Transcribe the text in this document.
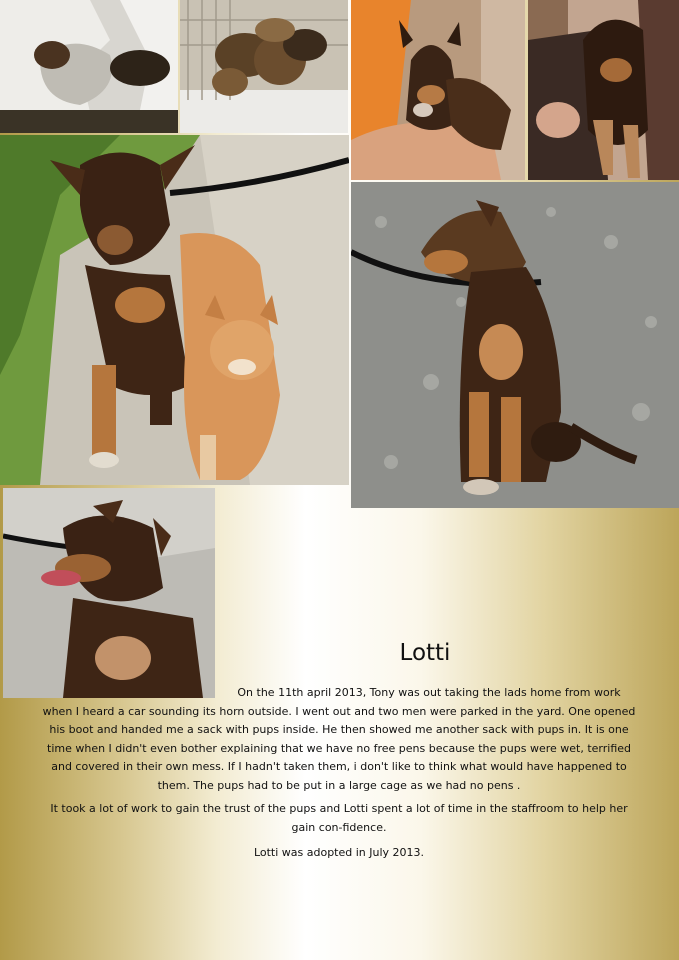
Lotti

On the 11th april 2013, Tony was out taking the lads home from work when I heard a car sounding its horn outside. I went out and two men were parked in the yard. One opened his boot and handed me a sack with pups inside. He then showed me another sack with pups in. It is one time when I didn't even bother explaining that we have no free pens because the pups were wet, terrified and covered in their own mess. If I hadn't taken them, i don't like to think what would have happened to them. The pups had to be put in a large cage as we had no pens .

It took a lot of work to gain the trust of the pups and Lotti spent a lot of time in the staffroom to help her gain con-fidence.

Lotti was adopted in July 2013.
